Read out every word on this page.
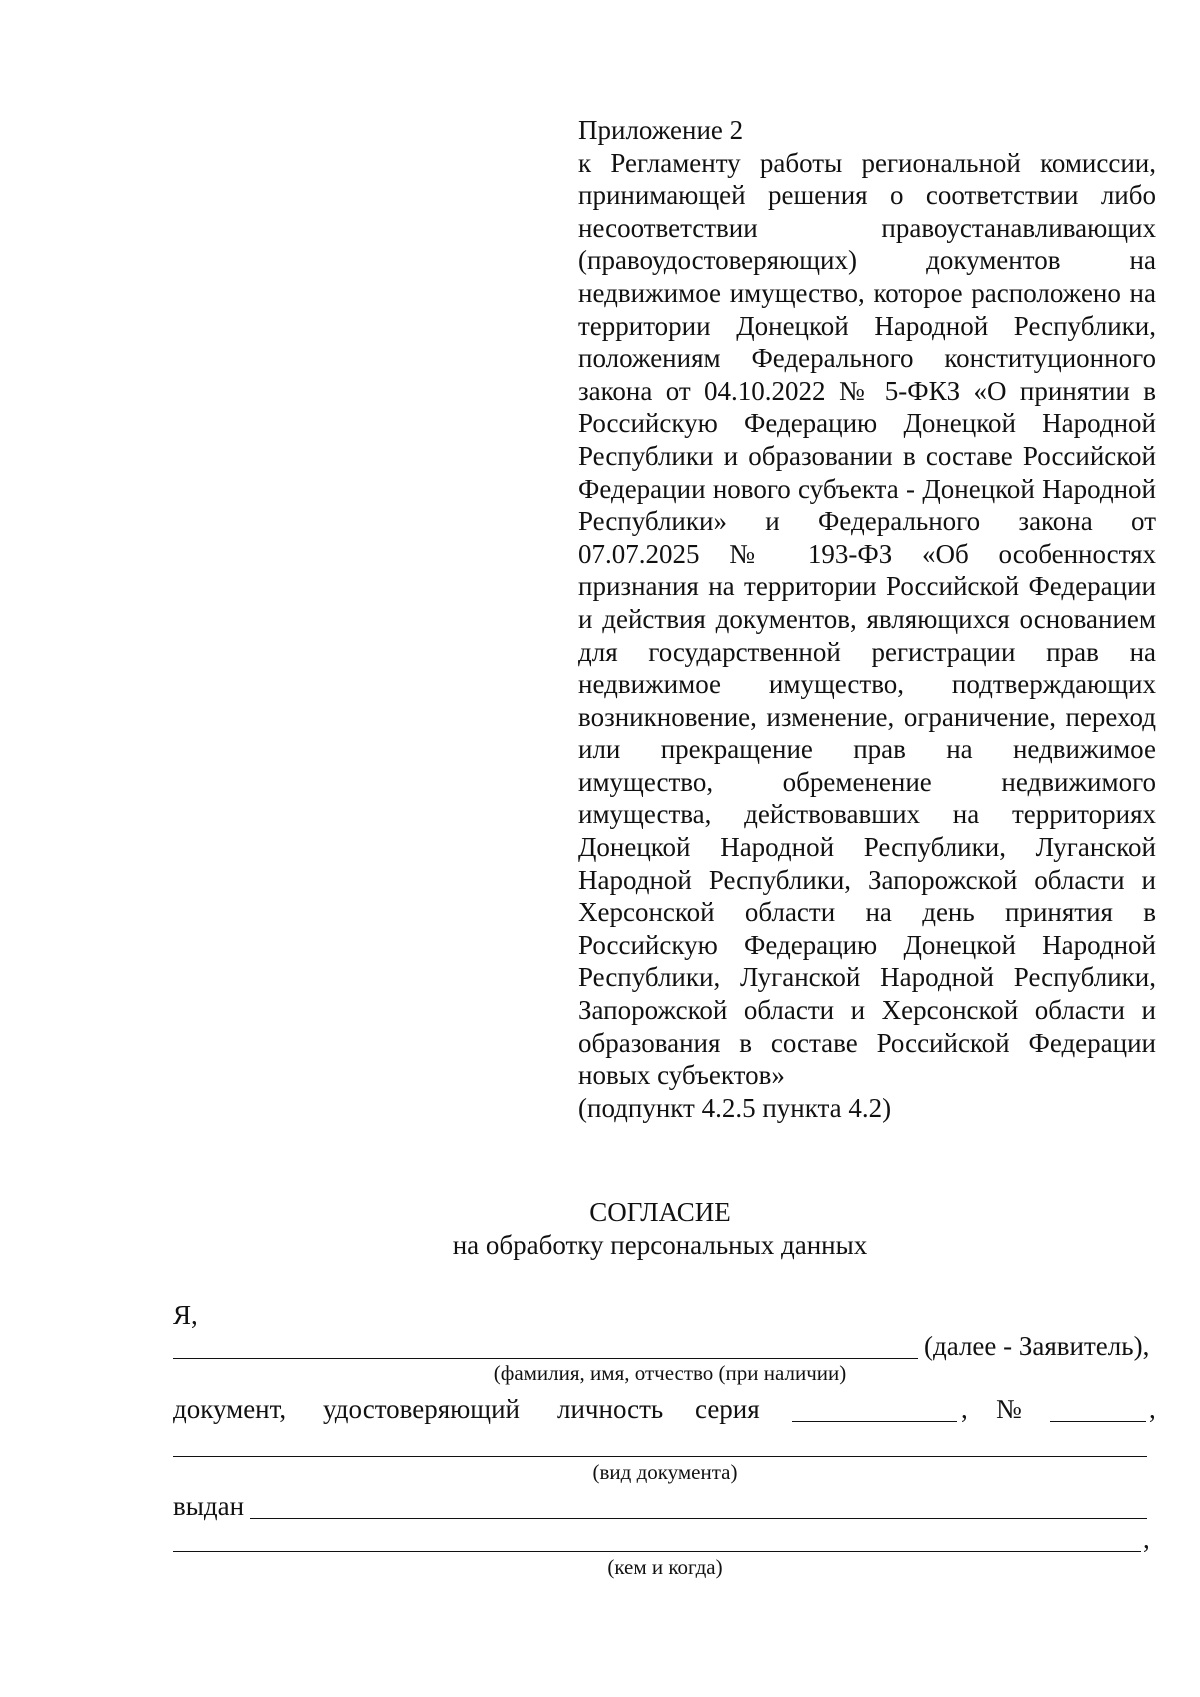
Приложение 2
к Регламенту работы региональной комиссии, принимающей решения о соответствии либо несоответствии правоустанавливающих (правоудостоверяющих) документов на недвижимое имущество, которое расположено на территории Донецкой Народной Республики, положениям Федерального конституционного закона от 04.10.2022 № 5-ФКЗ «О принятии в Российскую Федерацию Донецкой Народной Республики и образовании в составе Российской Федерации нового субъекта - Донецкой Народной Республики» и Федерального закона от 07.07.2025 № 193-ФЗ «Об особенностях признания на территории Российской Федерации и действия документов, являющихся основанием для государственной регистрации прав на недвижимое имущество, подтверждающих возникновение, изменение, ограничение, переход или прекращение прав на недвижимое имущество, обременение недвижимого имущества, действовавших на территориях Донецкой Народной Республики, Луганской Народной Республики, Запорожской области и Херсонской области на день принятия в Российскую Федерацию Донецкой Народной Республики, Луганской Народной Республики, Запорожской области и Херсонской области и образования в составе Российской Федерации новых субъектов»
(подпункт 4.2.5 пункта 4.2)
СОГЛАСИЕ
на обработку персональных данных
Я,
(далее - Заявитель),
(фамилия, имя, отчество (при наличии)
документ, удостоверяющий личность серия	, №	,
(вид документа)
выдан
,
(кем и когда)
